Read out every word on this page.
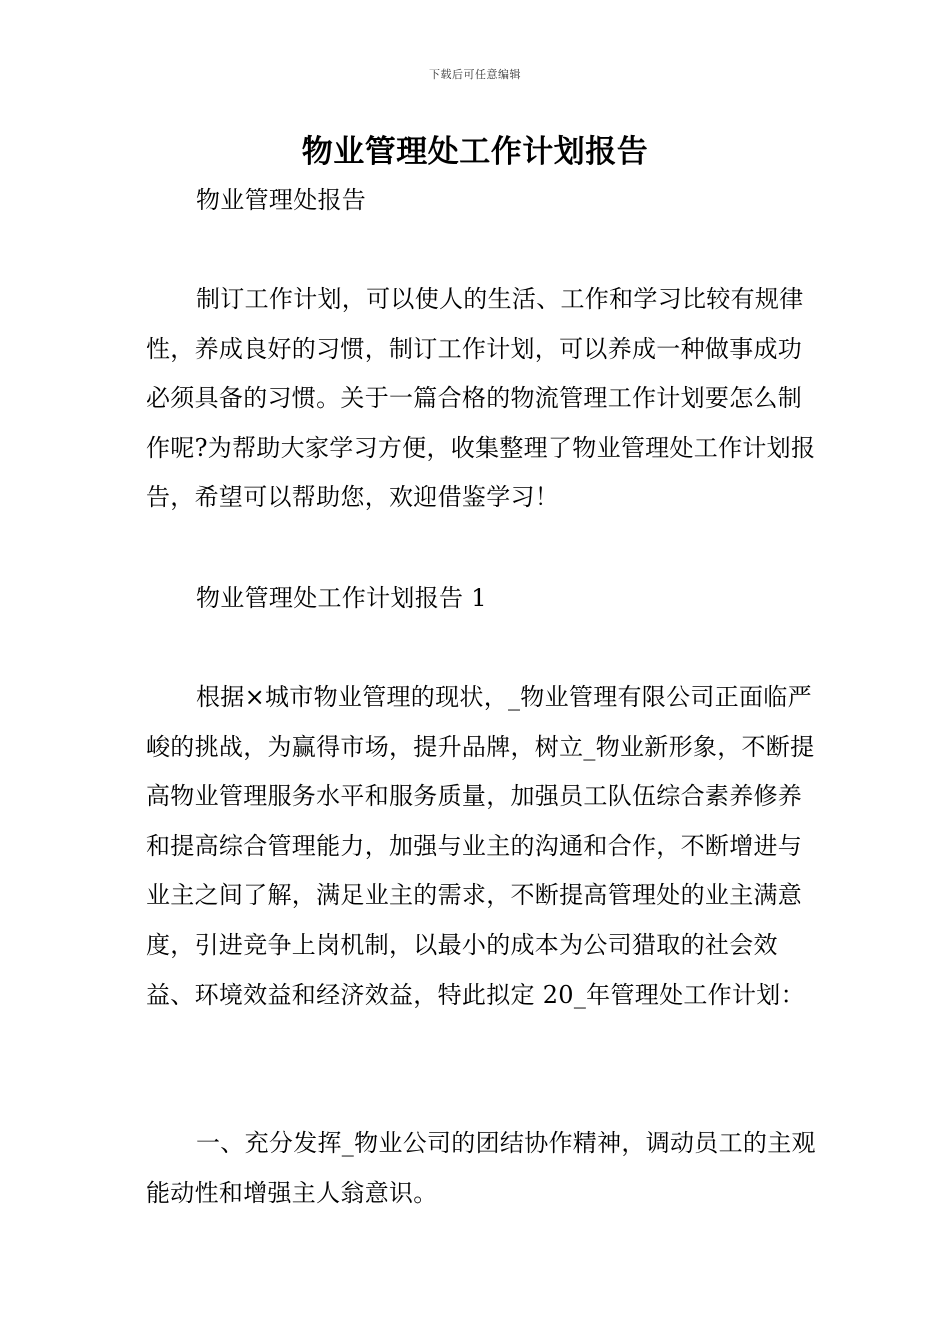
下载后可任意编辑
物业管理处工作计划报告

物业管理处报告

制订工作计划，可以使人的生活、工作和学习比较有规律性，养成良好的习惯，制订工作计划，可以养成一种做事成功必须具备的习惯。关于一篇合格的物流管理工作计划要怎么制作呢?为帮助大家学习方便，收集整理了物业管理处工作计划报告，希望可以帮助您，欢迎借鉴学习！

物业管理处工作计划报告 1

根据×城市物业管理的现状，_物业管理有限公司正面临严峻的挑战，为赢得市场，提升品牌，树立_物业新形象，不断提高物业管理服务水平和服务质量，加强员工队伍综合素养修养和提高综合管理能力，加强与业主的沟通和合作，不断增进与业主之间了解，满足业主的需求，不断提高管理处的业主满意度，引进竞争上岗机制，以最小的成本为公司猎取的社会效益、环境效益和经济效益，特此拟定 20_年管理处工作计划：

一、充分发挥_物业公司的团结协作精神，调动员工的主观能动性和增强主人翁意识。
